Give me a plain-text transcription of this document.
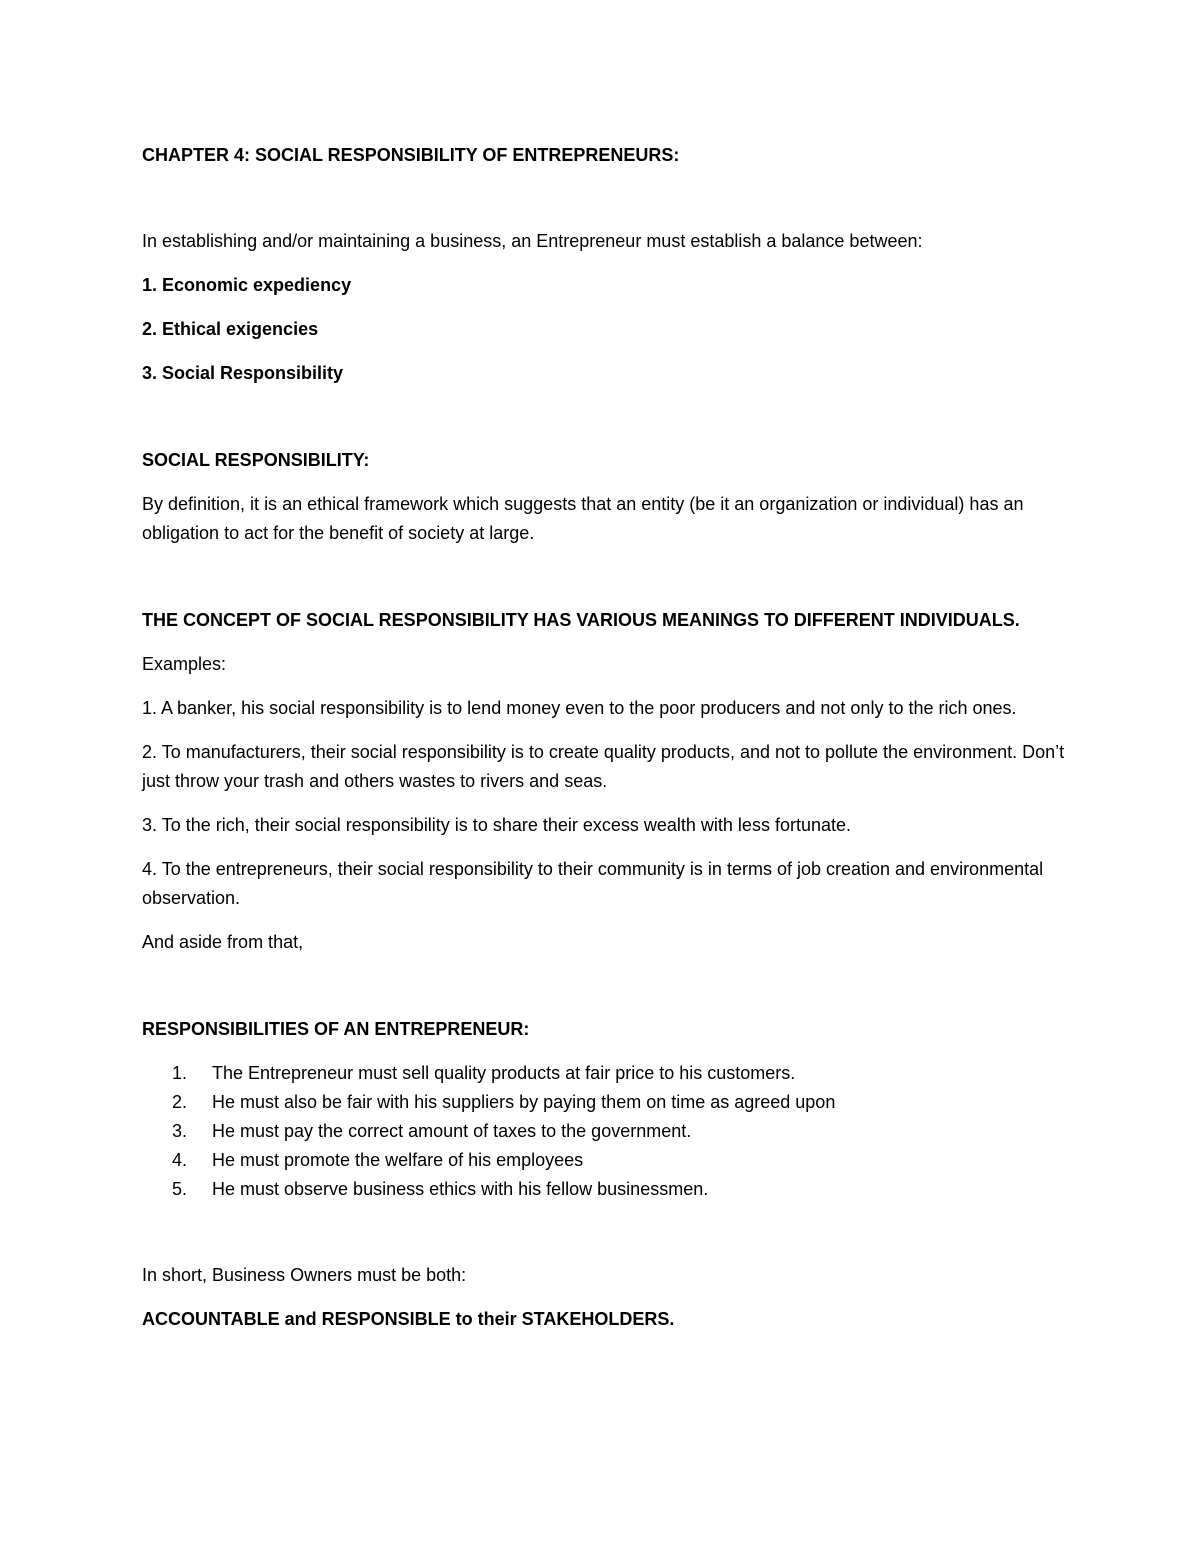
CHAPTER 4: SOCIAL RESPONSIBILITY OF ENTREPRENEURS:

In establishing and/or maintaining a business, an Entrepreneur must establish a balance between:

1. Economic expediency

2. Ethical exigencies

3. Social Responsibility

SOCIAL RESPONSIBILITY:

By definition, it is an ethical framework which suggests that an entity (be it an organization or individual) has an obligation to act for the benefit of society at large.

THE CONCEPT OF SOCIAL RESPONSIBILITY HAS VARIOUS MEANINGS TO DIFFERENT INDIVIDUALS.

Examples:

1. A banker, his social responsibility is to lend money even to the poor producers and not only to the rich ones.

2. To manufacturers, their social responsibility is to create quality products, and not to pollute the environment. Don’t just throw your trash and others wastes to rivers and seas.

3. To the rich, their social responsibility is to share their excess wealth with less fortunate.

4. To the entrepreneurs, their social responsibility to their community is in terms of job creation and environmental observation.

And aside from that,

RESPONSIBILITIES OF AN ENTREPRENEUR:

1. The Entrepreneur must sell quality products at fair price to his customers.
2. He must also be fair with his suppliers by paying them on time as agreed upon
3. He must pay the correct amount of taxes to the government.
4. He must promote the welfare of his employees
5. He must observe business ethics with his fellow businessmen.

In short, Business Owners must be both:

ACCOUNTABLE and RESPONSIBLE to their STAKEHOLDERS.
